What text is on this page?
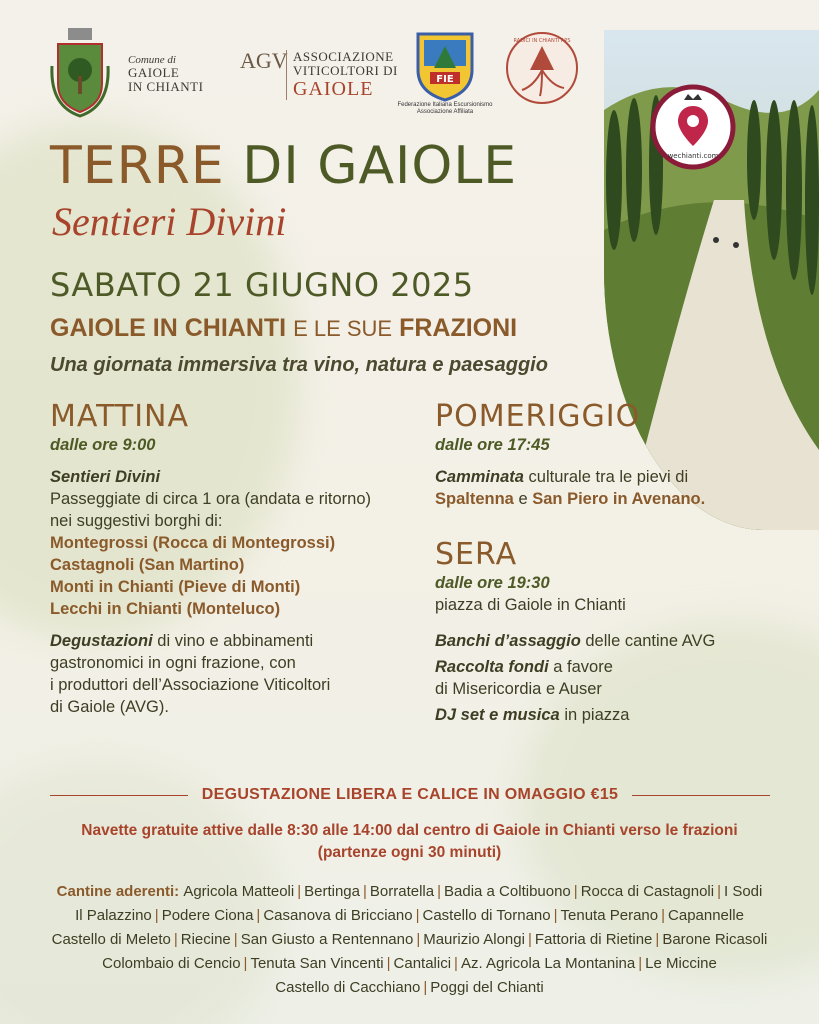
Comune di
GAIOLE
IN CHIANTI
AGV ASSOCIAZIONE
VITICOLTORI DI
GAIOLE	FIE
Federazione Italiana Escursionismo
Associazione Affiliata
RADICI IN CHIANTI APS
wechianti.com
TERRE DI GAIOLE
Sentieri Divini
SABATO 21 GIUGNO 2025
GAIOLE IN CHIANTI E LE SUE FRAZIONI
Una giornata immersiva tra vino, natura e paesaggio
MATTINA
dalle ore 9:00
Sentieri Divini
Passeggiate di circa 1 ora (andata e ritorno)
nei suggestivi borghi di:
Montegrossi (Rocca di Montegrossi)
Castagnoli (San Martino)
Monti in Chianti (Pieve di Monti)
Lecchi in Chianti (Monteluco)
Degustazioni di vino e abbinamenti
gastronomici in ogni frazione, con
i produttori dell’Associazione Viticoltori
di Gaiole (AVG).
POMERIGGIO
dalle ore 17:45
Camminata culturale tra le pievi di
Spaltenna e San Piero in Avenano.
SERA
dalle ore 19:30
piazza di Gaiole in Chianti
Banchi d’assaggio delle cantine AVG
Raccolta fondi a favore
di Misericordia e Auser
DJ set e musica in piazza
DEGUSTAZIONE LIBERA E CALICE IN OMAGGIO €15
Navette gratuite attive dalle 8:30 alle 14:00 dal centro di Gaiole in Chianti verso le frazioni
(partenze ogni 30 minuti)
Cantine aderenti: Agricola Matteoli | Bertinga | Borratella | Badia a Coltibuono | Rocca di Castagnoli | I Sodi
Il Palazzino | Podere Ciona | Casanova di Bricciano | Castello di Tornano | Tenuta Perano | Capannelle
Castello di Meleto | Riecine | San Giusto a Rentennano | Maurizio Alongi | Fattoria di Rietine | Barone Ricasoli
Colombaio di Cencio | Tenuta San Vincenti | Cantalici | Az. Agricola La Montanina | Le Miccine
Castello di Cacchiano | Poggi del Chianti
